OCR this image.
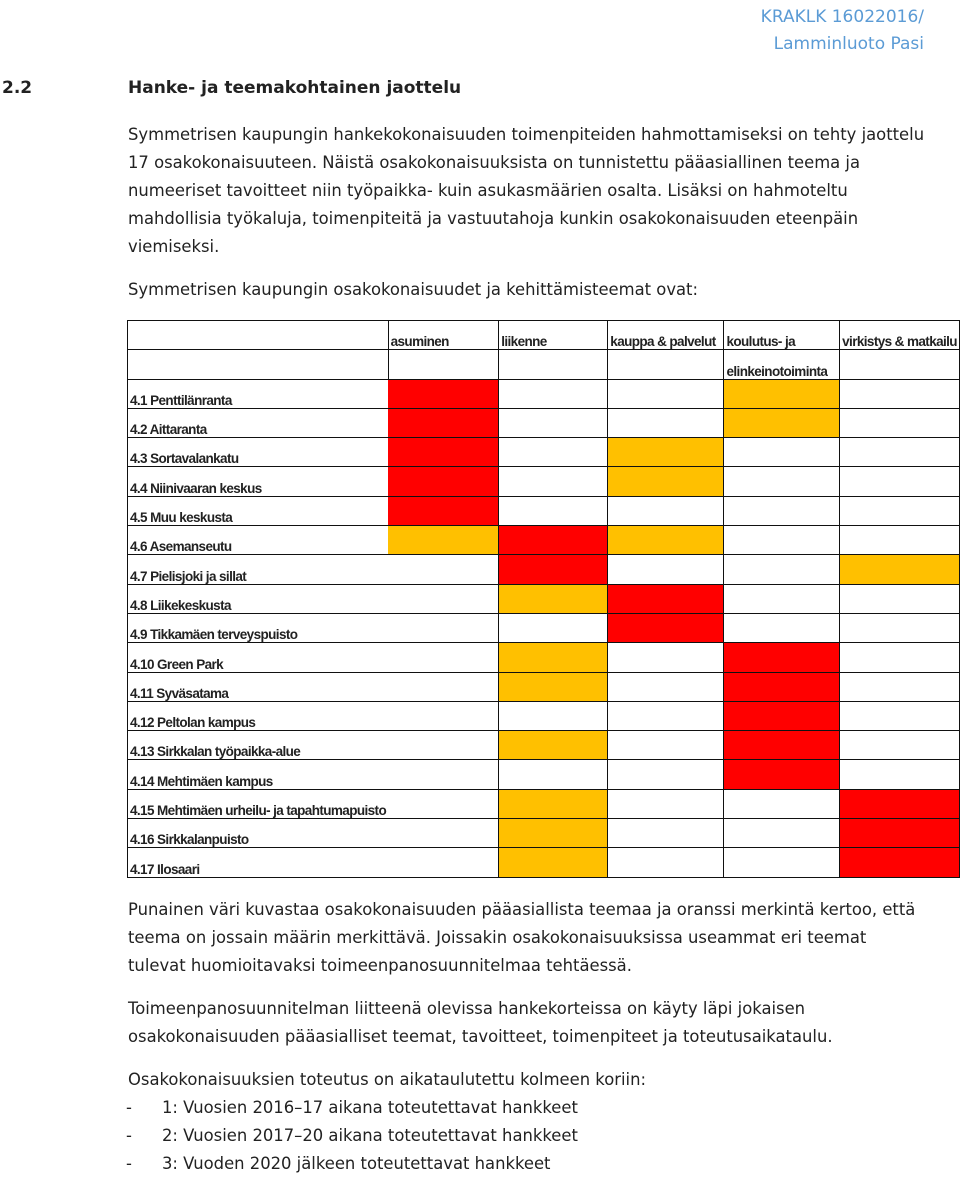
KRAKLK 16022016/
Lamminluoto Pasi
2.2	Hanke- ja teemakohtainen jaottelu

Symmetrisen kaupungin hankekokonaisuuden toimenpiteiden hahmottamiseksi on tehty jaottelu 17 osakokonaisuuteen. Näistä osakokonaisuuksista on tunnistettu pääasiallinen teema ja numeeriset tavoitteet niin työpaikka- kuin asukasmäärien osalta. Lisäksi on hahmoteltu mahdollisia työkaluja, toimenpiteitä ja vastuutahoja kunkin osakokonaisuuden eteenpäin viemiseksi.

Symmetrisen kaupungin osakokonaisuudet ja kehittämisteemat ovat:

	asuminen	liikenne	kauppa & palvelut	koulutus- ja	virkistys & matkailu
				elinkeinotoiminta	
4.1 Penttilänranta					
4.2 Aittaranta					
4.3 Sortavalankatu					
4.4 Niinivaaran keskus					
4.5 Muu keskusta					
4.6 Asemanseutu					
4.7 Pielisjoki ja sillat					
4.8 Liikekeskusta					
4.9 Tikkamäen terveyspuisto					
4.10 Green Park					
4.11 Syväsatama					
4.12 Peltolan kampus					
4.13 Sirkkalan työpaikka-alue					
4.14 Mehtimäen kampus					
4.15 Mehtimäen urheilu- ja tapahtumapuisto					
4.16 Sirkkalanpuisto					
4.17 Ilosaari					

Punainen väri kuvastaa osakokonaisuuden pääasiallista teemaa ja oranssi merkintä kertoo, että teema on jossain määrin merkittävä. Joissakin osakokonaisuuksissa useammat eri teemat tulevat huomioitavaksi toimeenpanosuunnitelmaa tehtäessä.

Toimeenpanosuunnitelman liitteenä olevissa hankekorteissa on käyty läpi jokaisen osakokonaisuuden pääasialliset teemat, tavoitteet, toimenpiteet ja toteutusaikataulu.

Osakokonaisuuksien toteutus on aikataulutettu kolmeen koriin:

- 1: Vuosien 2016–17 aikana toteutettavat hankkeet
- 2: Vuosien 2017–20 aikana toteutettavat hankkeet
- 3: Vuoden 2020 jälkeen toteutettavat hankkeet
